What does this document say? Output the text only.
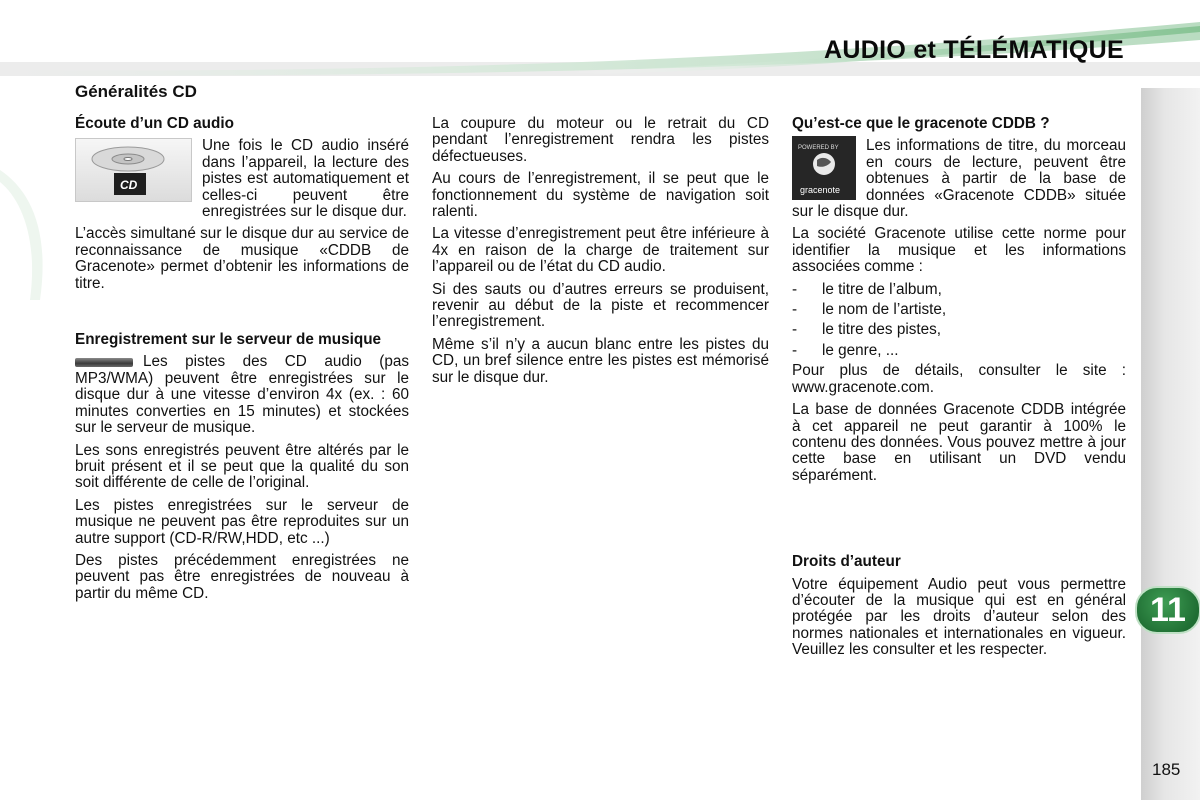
AUDIO et TÉLÉMATIQUE
Généralités CD
Écoute d’un CD audio
CD

Une fois le CD audio inséré dans l’appareil, la lecture des pistes est automatiquement et celles-ci peuvent être enregistrées sur le disque dur.

L’accès simultané sur le disque dur au service de reconnaissance de musique «CDDB de Gracenote» permet d’obtenir les informations de titre.

Enregistrement sur le serveur de musique

Les pistes des CD audio (pas MP3/WMA) peuvent être enregistrées sur le disque dur à une vitesse d’environ 4x (ex. : 60 minutes converties en 15 minutes) et stockées sur le serveur de musique.

Les sons enregistrés peuvent être altérés par le bruit présent et il se peut que la qualité du son soit différente de celle de l’original.

Les pistes enregistrées sur le serveur de musique ne peuvent pas être reproduites sur un autre support (CD-R/RW,HDD, etc ...)

Des pistes précédemment enregistrées ne peuvent pas être enregistrées de nouveau à partir du même CD.

La coupure du moteur ou le retrait du CD pendant l’enregistrement rendra les pistes défectueuses.

Au cours de l’enregistrement, il se peut que le fonctionnement du système de navigation soit ralenti.

La vitesse d’enregistrement peut être inférieure à 4x en raison de la charge de traitement sur l’appareil ou de l’état du CD audio.

Si des sauts ou d’autres erreurs se produisent, revenir au début de la piste et recommencer l’enregistrement.

Même s’il n’y a aucun blanc entre les pistes du CD, un bref silence entre les pistes est mémorisé sur le disque dur.

Qu’est-ce que le gracenote CDDB ?
POWERED BY
gracenote

Les informations de titre, du morceau en cours de lecture, peuvent être obtenues à partir de la base de données «Gracenote CDDB» située sur le disque dur.

La société Gracenote utilise cette norme pour identifier la musique et les informations associées comme :

-	le titre de l’album,
-	le nom de l’artiste,
-	le titre des pistes,
-	le genre, ...

Pour plus de détails, consulter le site : www.gracenote.com.

La base de données Gracenote CDDB intégrée à cet appareil ne peut garantir à 100% le contenu des données. Vous pouvez mettre à jour cette base en utilisant un DVD vendu séparément.

Droits d’auteur

Votre équipement Audio peut vous permettre d’écouter de la musique qui est en général protégée par les droits d’auteur selon des normes nationales et internationales en vigueur. Veuillez les consulter et les respecter.

11
185
